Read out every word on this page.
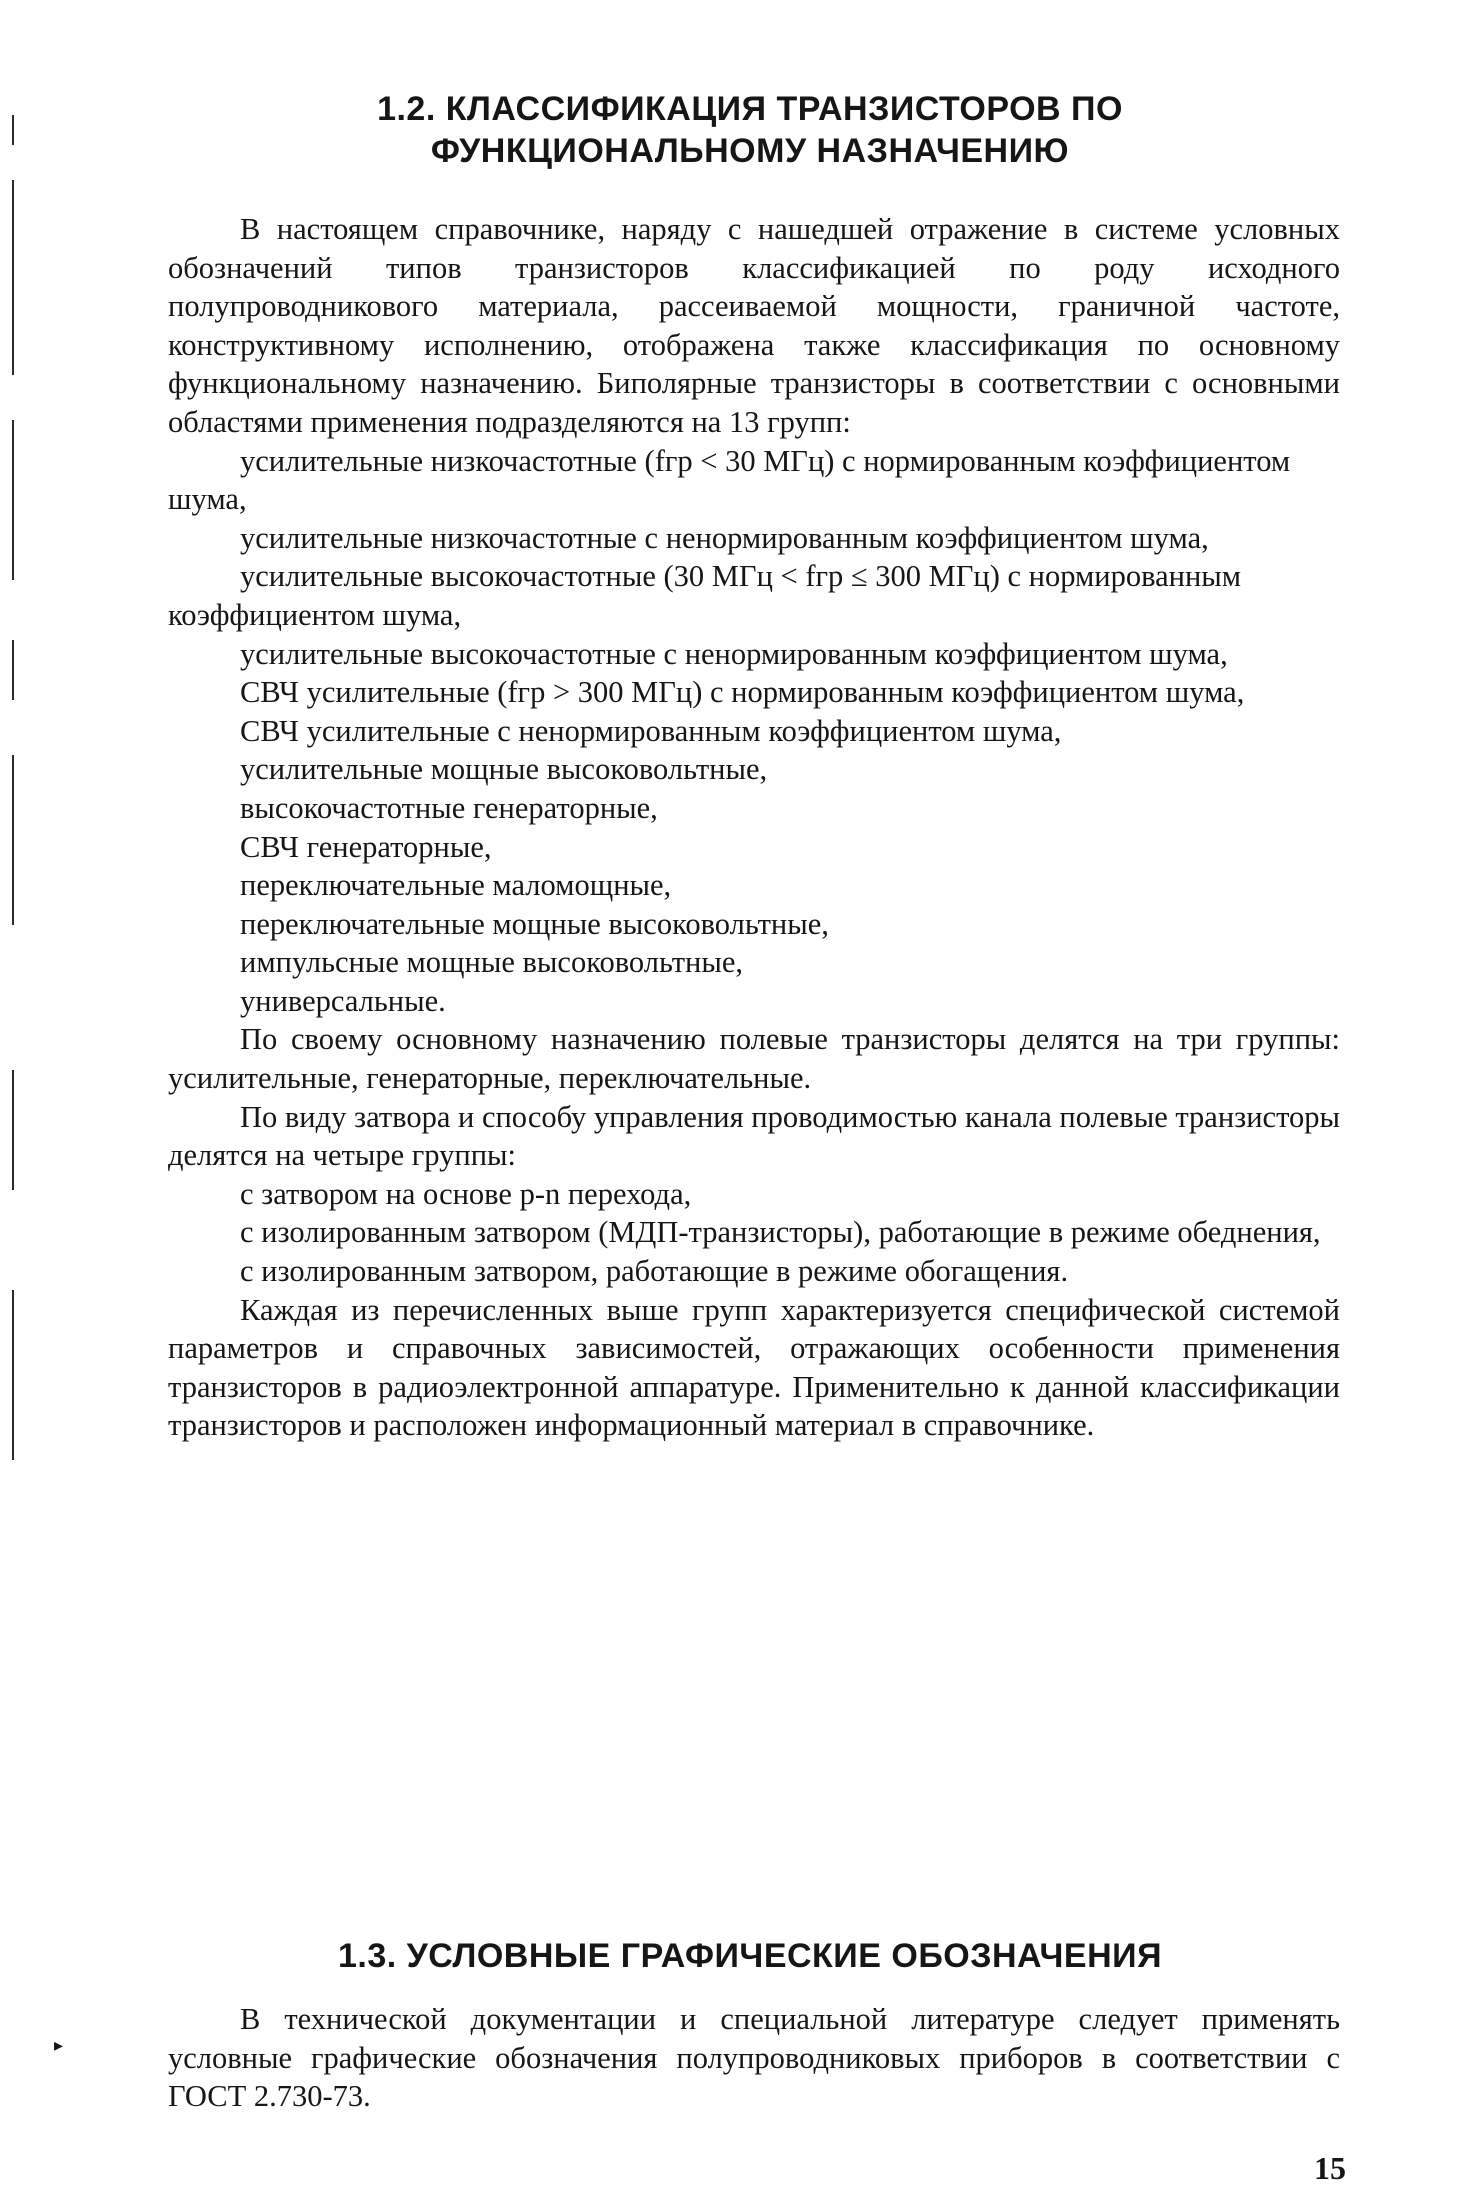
1.2. КЛАССИФИКАЦИЯ ТРАНЗИСТОРОВ ПО
ФУНКЦИОНАЛЬНОМУ НАЗНАЧЕНИЮ

В настоящем справочнике, наряду с нашедшей отражение в системе условных обозначений типов транзисторов классификацией по роду исходного полупроводникового материала, рассеиваемой мощности, граничной частоте, конструктивному исполнению, отображена также классификация по основному функциональному назначению. Биполярные транзисторы в соответствии с основными областями применения подразделяются на 13 групп:

усилительные низкочастотные (fгр < 30 МГц) с нормированным коэффициентом шума,

усилительные низкочастотные с ненормированным коэффициентом шума,

усилительные высокочастотные (30 МГц < fгр ≤ 300 МГц) с нормированным коэффициентом шума,

усилительные высокочастотные с ненормированным коэффициентом шума,

СВЧ усилительные (fгр > 300 МГц) с нормированным коэффициентом шума,

СВЧ усилительные с ненормированным коэффициентом шума,

усилительные мощные высоковольтные,

высокочастотные генераторные,

СВЧ генераторные,

переключательные маломощные,

переключательные мощные высоковольтные,

импульсные мощные высоковольтные,

универсальные.

По своему основному назначению полевые транзисторы делятся на три группы: усилительные, генераторные, переключательные.

По виду затвора и способу управления проводимостью канала полевые транзисторы делятся на четыре группы:

с затвором на основе p-n перехода,

с изолированным затвором (МДП-транзисторы), работающие в режиме обеднения,

с изолированным затвором, работающие в режиме обогащения.

Каждая из перечисленных выше групп характеризуется специфической системой параметров и справочных зависимостей, отражающих особенности применения транзисторов в радиоэлектронной аппаратуре. Применительно к данной классификации транзисторов и расположен информационный материал в справочнике.

1.3. УСЛОВНЫЕ ГРАФИЧЕСКИЕ ОБОЗНАЧЕНИЯ

В технической документации и специальной литературе следует применять условные графические обозначения полупроводниковых приборов в соответствии с ГОСТ 2.730-73.

▸
15
